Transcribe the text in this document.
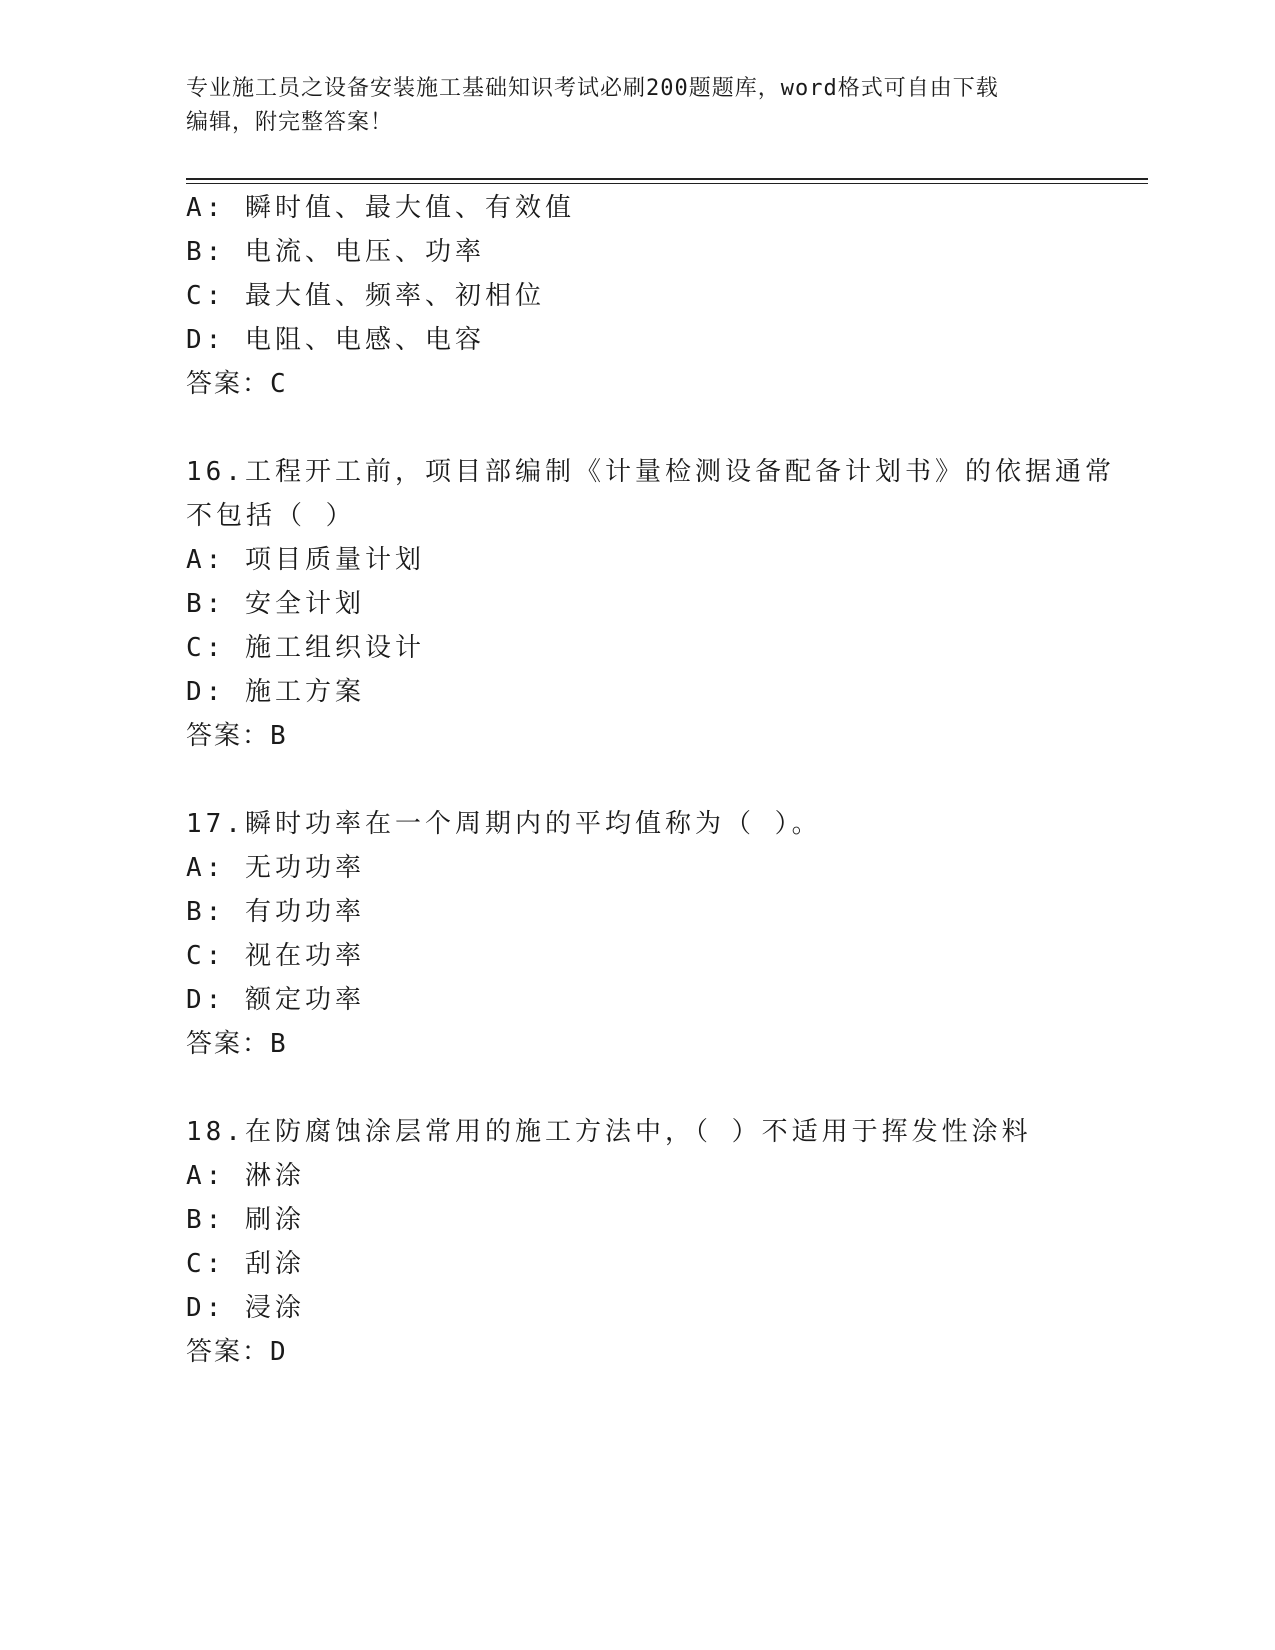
专业施工员之设备安装施工基础知识考试必刷200题题库，word格式可自由下载
编辑，附完整答案！
A: 瞬时值、最大值、有效值
B: 电流、电压、功率
C: 最大值、频率、初相位
D: 电阻、电感、电容
答案：C
16.工程开工前，项目部编制《计量检测设备配备计划书》的依据通常
不包括（ ）
A: 项目质量计划
B: 安全计划
C: 施工组织设计
D: 施工方案
答案：B
17.瞬时功率在一个周期内的平均值称为（ ）。
A: 无功功率
B: 有功功率
C: 视在功率
D: 额定功率
答案：B
18.在防腐蚀涂层常用的施工方法中，（ ）不适用于挥发性涂料
A: 淋涂
B: 刷涂
C: 刮涂
D: 浸涂
答案：D
